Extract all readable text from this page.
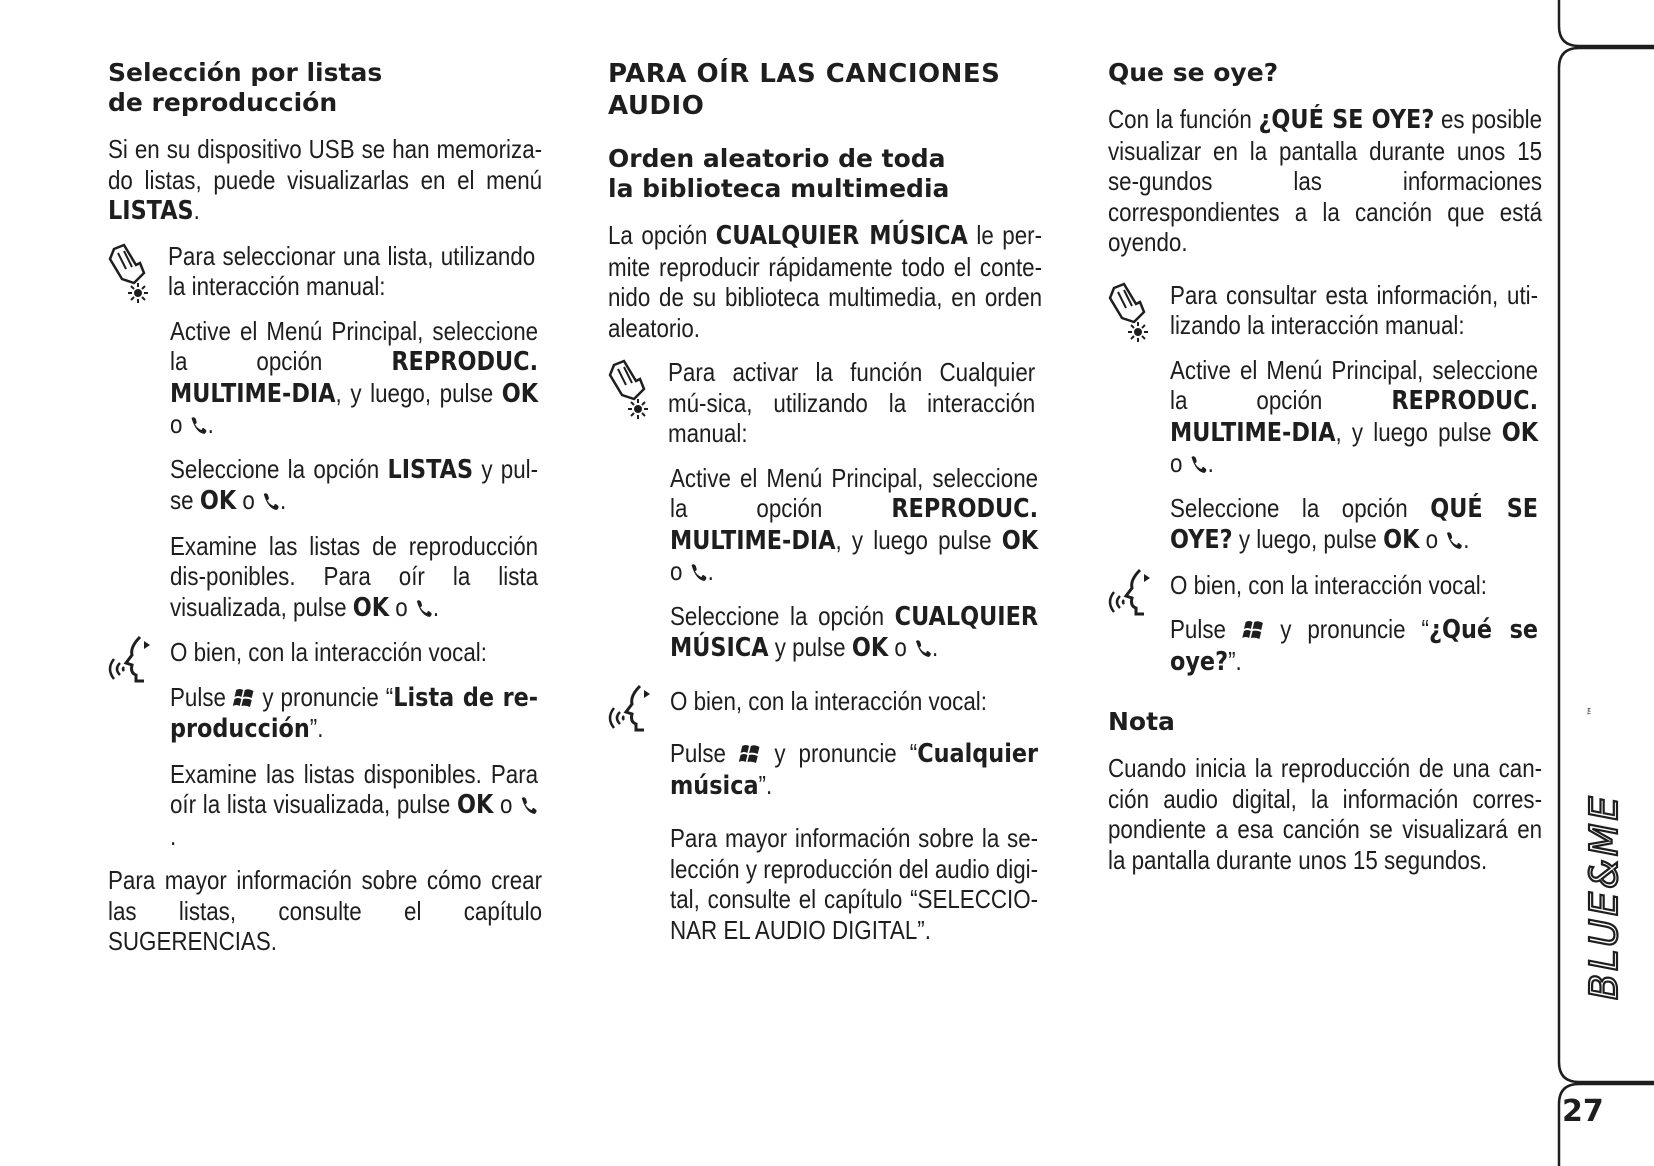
Selección por listas de reproducción
Si en su dispositivo USB se han memoriza-do listas, puede visualizarlas en el menú LISTAS.
Para seleccionar una lista, utilizando la interacción manual:
Active el Menú Principal, seleccione la opción REPRODUC. MULTIME-DIA, y luego, pulse OK o .
Seleccione la opción LISTAS y pul-se OK o .
Examine las listas de reproducción dis-ponibles. Para oír la lista visualizada, pulse OK o .
O bien, con la interacción vocal:
Pulse  y pronuncie “Lista de re-producción”.
Examine las listas disponibles. Para oír la lista visualizada, pulse OK o .
Para mayor información sobre cómo crear las listas, consulte el capítulo SUGERENCIAS.
PARA OÍR LAS CANCIONES AUDIO
Orden aleatorio de toda la biblioteca multimedia
La opción CUALQUIER MÚSICA le per-mite reproducir rápidamente todo el conte-nido de su biblioteca multimedia, en orden aleatorio.
Para activar la función Cualquier mú-sica, utilizando la interacción manual:
Active el Menú Principal, seleccione la opción REPRODUC. MULTIME-DIA, y luego pulse OK o .
Seleccione la opción CUALQUIER MÚSICA y pulse OK o .
O bien, con la interacción vocal:
Pulse  y pronuncie “Cualquier música”.
Para mayor información sobre la se-lección y reproducción del audio digi-tal, consulte el capítulo “SELECCIO-NAR EL AUDIO DIGITAL”.
Que se oye?
Con la función ¿QUÉ SE OYE? es posible visualizar en la pantalla durante unos 15 se-gundos las informaciones correspondientes a la canción que está oyendo.
Para consultar esta información, uti-lizando la interacción manual:
Active el Menú Principal, seleccione la opción REPRODUC. MULTIME-DIA, y luego pulse OK o .
Seleccione la opción QUÉ SE OYE? y luego, pulse OK o .
O bien, con la interacción vocal:
Pulse  y pronuncie “¿Qué se oye?”.
Nota
Cuando inicia la reproducción de una can-ción audio digital, la información corres-pondiente a esa canción se visualizará en la pantalla durante unos 15 segundos.	BLUE&ME
™
27
